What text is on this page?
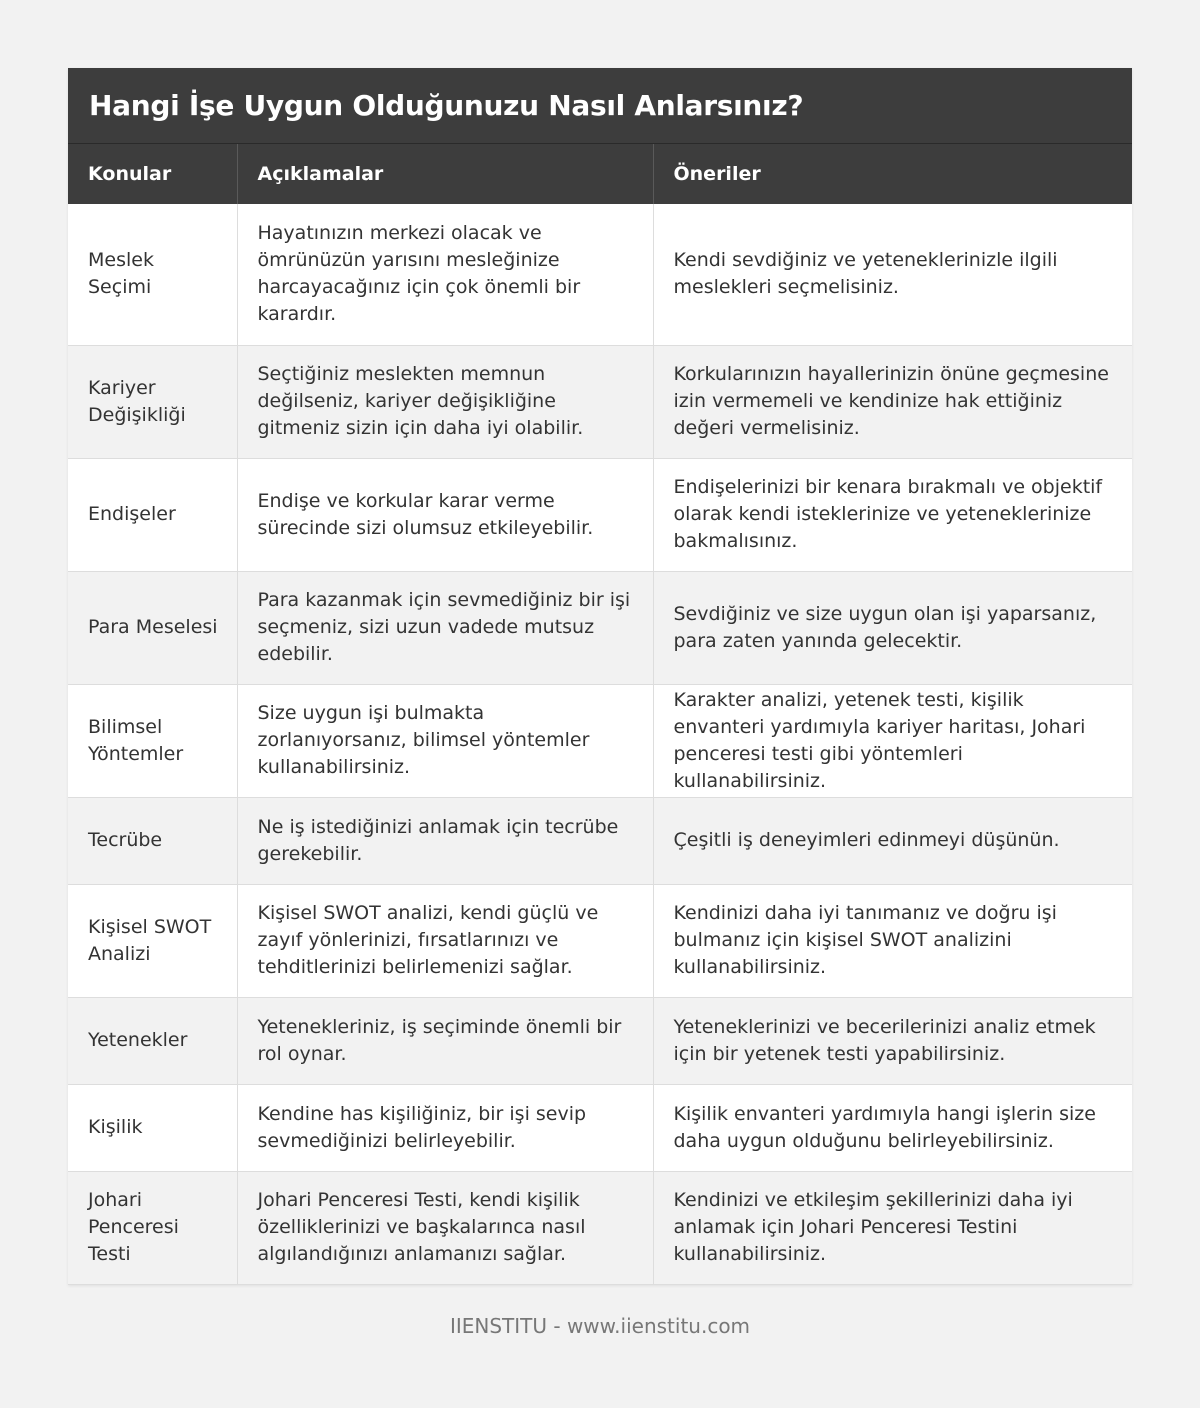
Hangi İşe Uygun Olduğunuzu Nasıl Anlarsınız?
Konular	Açıklamalar	Öneriler
Meslek Seçimi	Hayatınızın merkezi olacak ve ömrünüzün yarısını mesleğinize harcayacağınız için çok önemli bir karardır.	Kendi sevdiğiniz ve yeteneklerinizle ilgili meslekleri seçmelisiniz.
Kariyer Değişikliği	Seçtiğiniz meslekten memnun değilseniz, kariyer değişikliğine gitmeniz sizin için daha iyi olabilir.	Korkularınızın hayallerinizin önüne geçmesine izin vermemeli ve kendinize hak ettiğiniz değeri vermelisiniz.
Endişeler	Endişe ve korkular karar verme sürecinde sizi olumsuz etkileyebilir.	Endişelerinizi bir kenara bırakmalı ve objektif olarak kendi isteklerinize ve yeteneklerinize bakmalısınız.
Para Meselesi	Para kazanmak için sevmediğiniz bir işi seçmeniz, sizi uzun vadede mutsuz edebilir.	Sevdiğiniz ve size uygun olan işi yaparsanız, para zaten yanında gelecektir.
Bilimsel Yöntemler	Size uygun işi bulmakta zorlanıyorsanız, bilimsel yöntemler kullanabilirsiniz.	Karakter analizi, yetenek testi, kişilik envanteri yardımıyla kariyer haritası, Johari penceresi testi gibi yöntemleri kullanabilirsiniz.
Tecrübe	Ne iş istediğinizi anlamak için tecrübe gerekebilir.	Çeşitli iş deneyimleri edinmeyi düşünün.
Kişisel SWOT Analizi	Kişisel SWOT analizi, kendi güçlü ve zayıf yönlerinizi, fırsatlarınızı ve tehditlerinizi belirlemenizi sağlar.	Kendinizi daha iyi tanımanız ve doğru işi bulmanız için kişisel SWOT analizini kullanabilirsiniz.
Yetenekler	Yetenekleriniz, iş seçiminde önemli bir rol oynar.	Yeteneklerinizi ve becerilerinizi analiz etmek için bir yetenek testi yapabilirsiniz.
Kişilik	Kendine has kişiliğiniz, bir işi sevip sevmediğinizi belirleyebilir.	Kişilik envanteri yardımıyla hangi işlerin size daha uygun olduğunu belirleyebilirsiniz.
Johari Penceresi Testi	Johari Penceresi Testi, kendi kişilik özelliklerinizi ve başkalarınca nasıl algılandığınızı anlamanızı sağlar.	Kendinizi ve etkileşim şekillerinizi daha iyi anlamak için Johari Penceresi Testini kullanabilirsiniz.
IIENSTITU - www.iienstitu.com
